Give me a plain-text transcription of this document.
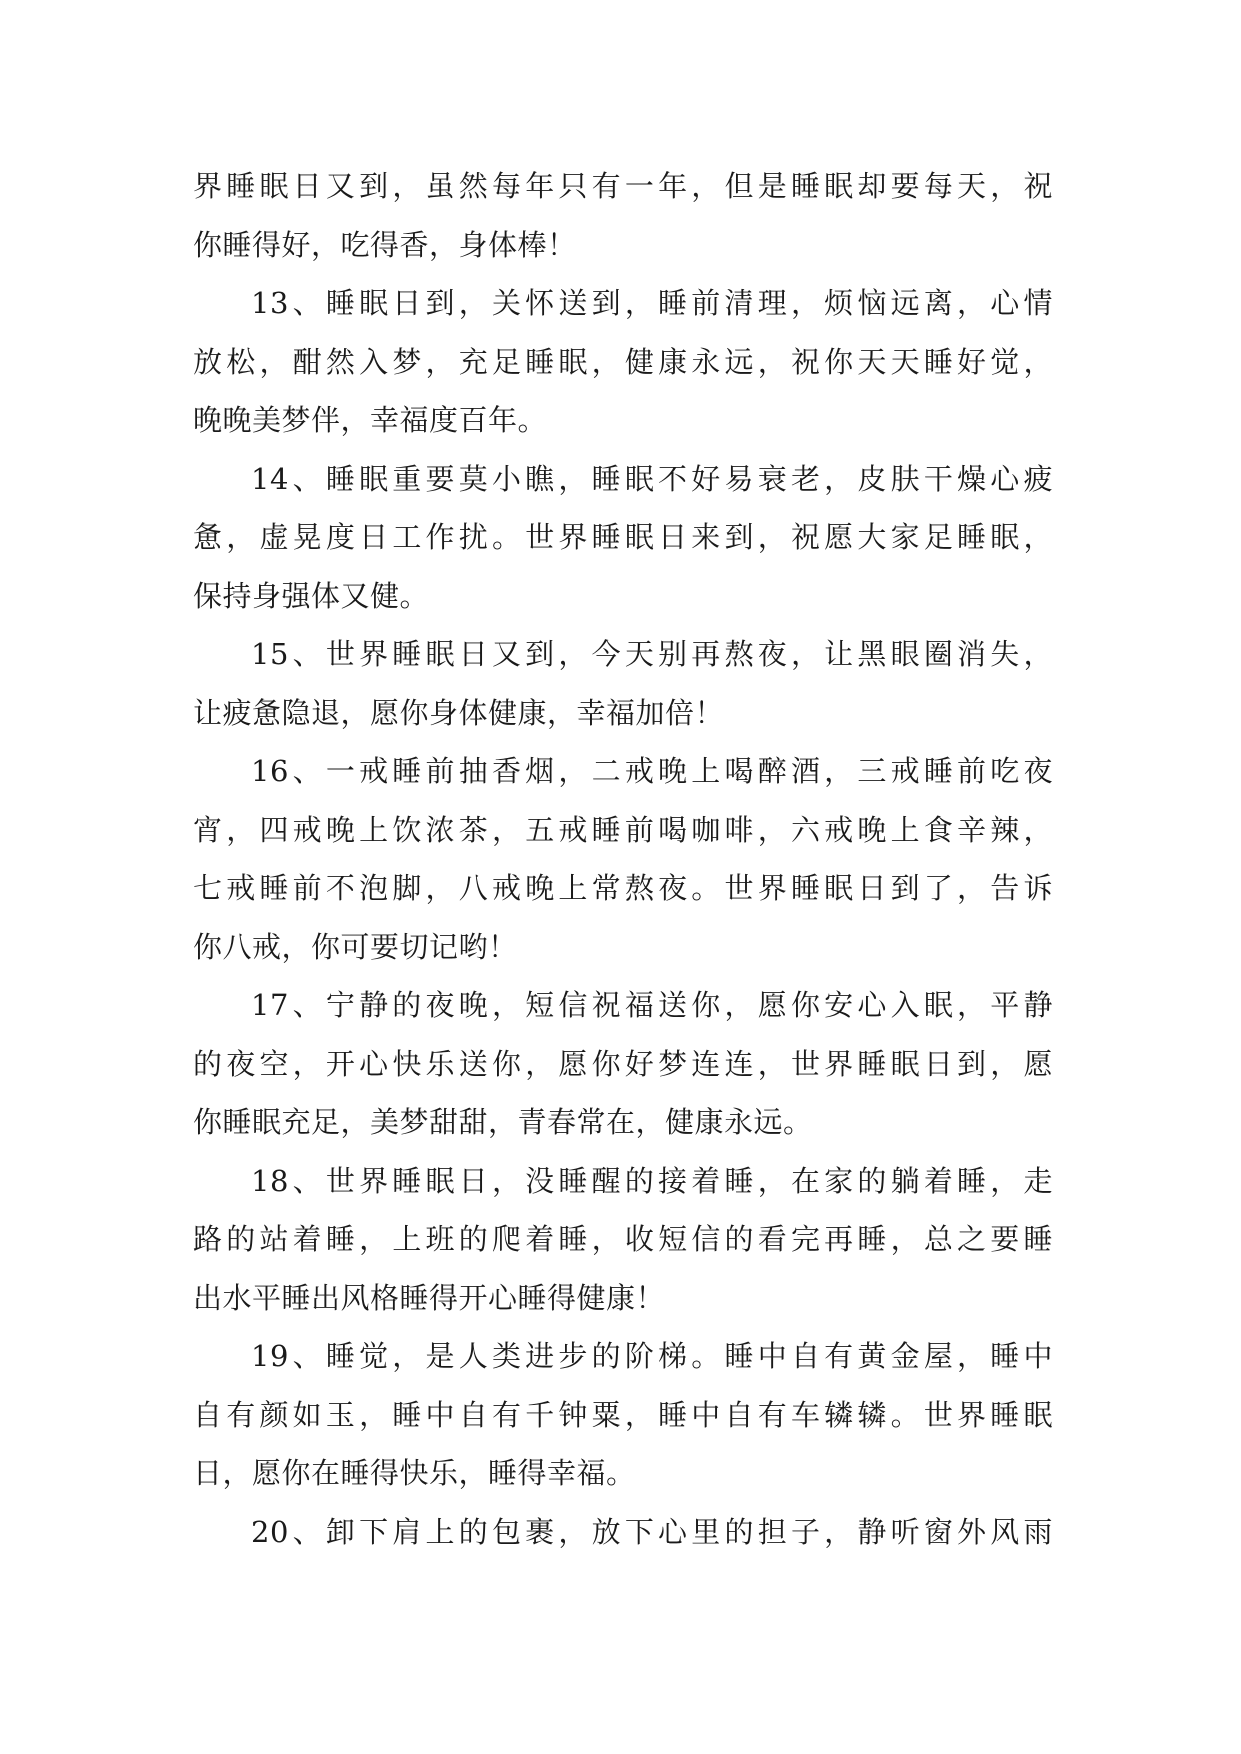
界睡眠日又到，虽然每年只有一年，但是睡眠却要每天，祝
你睡得好，吃得香，身体棒！
13、睡眠日到，关怀送到，睡前清理，烦恼远离，心情
放松，酣然入梦，充足睡眠，健康永远，祝你天天睡好觉，
晚晚美梦伴，幸福度百年。
14、睡眠重要莫小瞧，睡眠不好易衰老，皮肤干燥心疲
惫，虚晃度日工作扰。世界睡眠日来到，祝愿大家足睡眠，
保持身强体又健。
15、世界睡眠日又到，今天别再熬夜，让黑眼圈消失，
让疲惫隐退，愿你身体健康，幸福加倍！
16、一戒睡前抽香烟，二戒晚上喝醉酒，三戒睡前吃夜
宵，四戒晚上饮浓茶，五戒睡前喝咖啡，六戒晚上食辛辣，
七戒睡前不泡脚，八戒晚上常熬夜。世界睡眠日到了，告诉
你八戒，你可要切记哟！
17、宁静的夜晚，短信祝福送你，愿你安心入眠，平静
的夜空，开心快乐送你，愿你好梦连连，世界睡眠日到，愿
你睡眠充足，美梦甜甜，青春常在，健康永远。
18、世界睡眠日，没睡醒的接着睡，在家的躺着睡，走
路的站着睡，上班的爬着睡，收短信的看完再睡，总之要睡
出水平睡出风格睡得开心睡得健康！
19、睡觉，是人类进步的阶梯。睡中自有黄金屋，睡中
自有颜如玉，睡中自有千钟粟，睡中自有车辚辚。世界睡眠
日，愿你在睡得快乐，睡得幸福。
20、卸下肩上的包裹，放下心里的担子，静听窗外风雨
